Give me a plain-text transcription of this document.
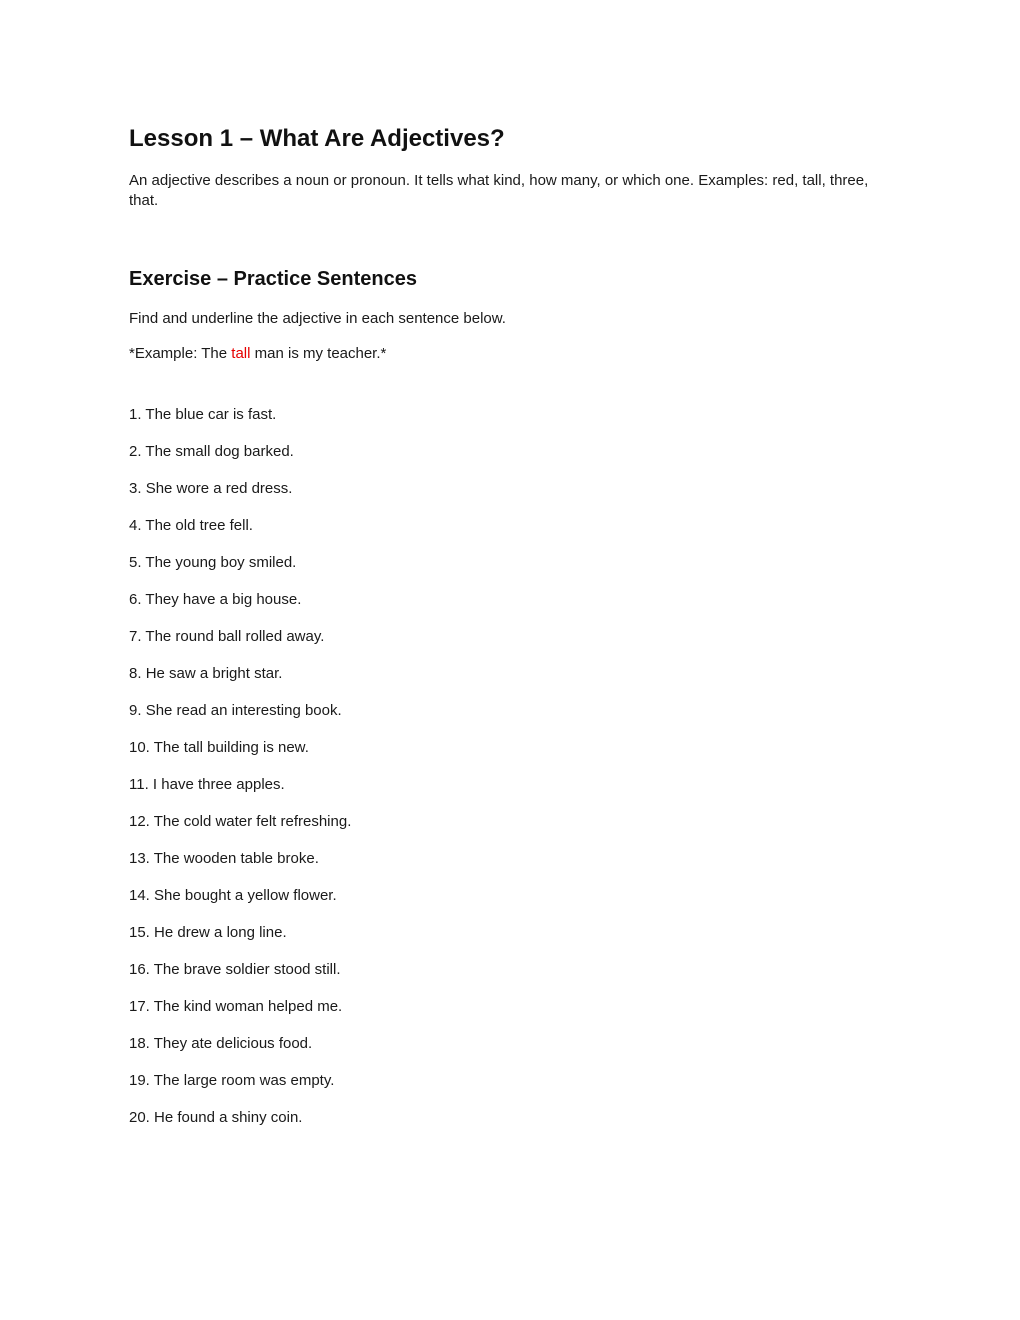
Lesson 1 – What Are Adjectives?

An adjective describes a noun or pronoun. It tells what kind, how many, or which one. Examples: red, tall, three, that.

Exercise – Practice Sentences

Find and underline the adjective in each sentence below.

*Example: The tall man is my teacher.*

1. The blue car is fast.

2. The small dog barked.

3. She wore a red dress.

4. The old tree fell.

5. The young boy smiled.

6. They have a big house.

7. The round ball rolled away.

8. He saw a bright star.

9. She read an interesting book.

10. The tall building is new.

11. I have three apples.

12. The cold water felt refreshing.

13. The wooden table broke.

14. She bought a yellow flower.

15. He drew a long line.

16. The brave soldier stood still.

17. The kind woman helped me.

18. They ate delicious food.

19. The large room was empty.

20. He found a shiny coin.
